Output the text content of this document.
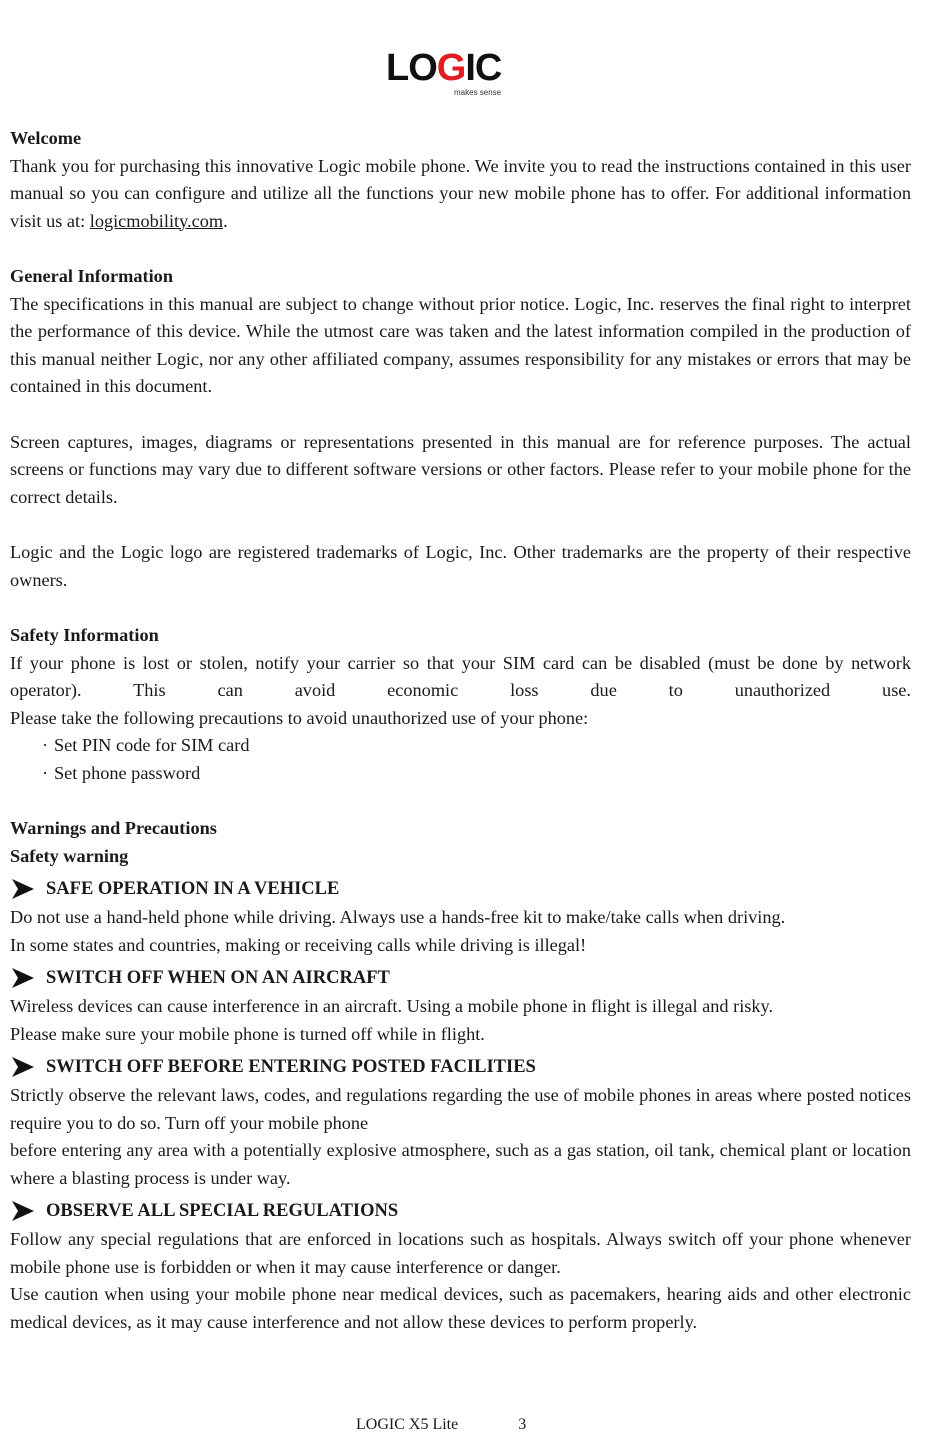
LOGIC
makes sense
Welcome

Thank you for purchasing this innovative Logic mobile phone. We invite you to read the instructions contained in this user manual so you can configure and utilize all the functions your new mobile phone has to offer. For additional information visit us at: logicmobility.com.

General Information

The specifications in this manual are subject to change without prior notice. Logic, Inc. reserves the final right to interpret the performance of this device. While the utmost care was taken and the latest information compiled in the production of this manual neither Logic, nor any other affiliated company, assumes responsibility for any mistakes or errors that may be contained in this document.

Screen captures, images, diagrams or representations presented in this manual are for reference purposes. The actual screens or functions may vary due to different software versions or other factors. Please refer to your mobile phone for the correct details.

Logic and the Logic logo are registered trademarks of Logic, Inc. Other trademarks are the property of their respective owners.

Safety Information

If your phone is lost or stolen, notify your carrier so that your SIM card can be disabled (must be done by network operator). This can avoid economic loss due to unauthorized use.

Please take the following precautions to avoid unauthorized use of your phone:

· Set PIN code for SIM card
· Set phone password
Warnings and Precautions
Safety warning
SAFE OPERATION IN A VEHICLE

Do not use a hand-held phone while driving. Always use a hands-free kit to make/take calls when driving.

In some states and countries, making or receiving calls while driving is illegal!

SWITCH OFF WHEN ON AN AIRCRAFT

Wireless devices can cause interference in an aircraft. Using a mobile phone in flight is illegal and risky.

Please make sure your mobile phone is turned off while in flight.

SWITCH OFF BEFORE ENTERING POSTED FACILITIES

Strictly observe the relevant laws, codes, and regulations regarding the use of mobile phones in areas where posted notices require you to do so. Turn off your mobile phone

before entering any area with a potentially explosive atmosphere, such as a gas station, oil tank, chemical plant or location where a blasting process is under way.

OBSERVE ALL SPECIAL REGULATIONS

Follow any special regulations that are enforced in locations such as hospitals. Always switch off your phone whenever mobile phone use is forbidden or when it may cause interference or danger.

Use caution when using your mobile phone near medical devices, such as pacemakers, hearing aids and other electronic medical devices, as it may cause interference and not allow these devices to perform properly.

LOGIC X5 Lite	3
